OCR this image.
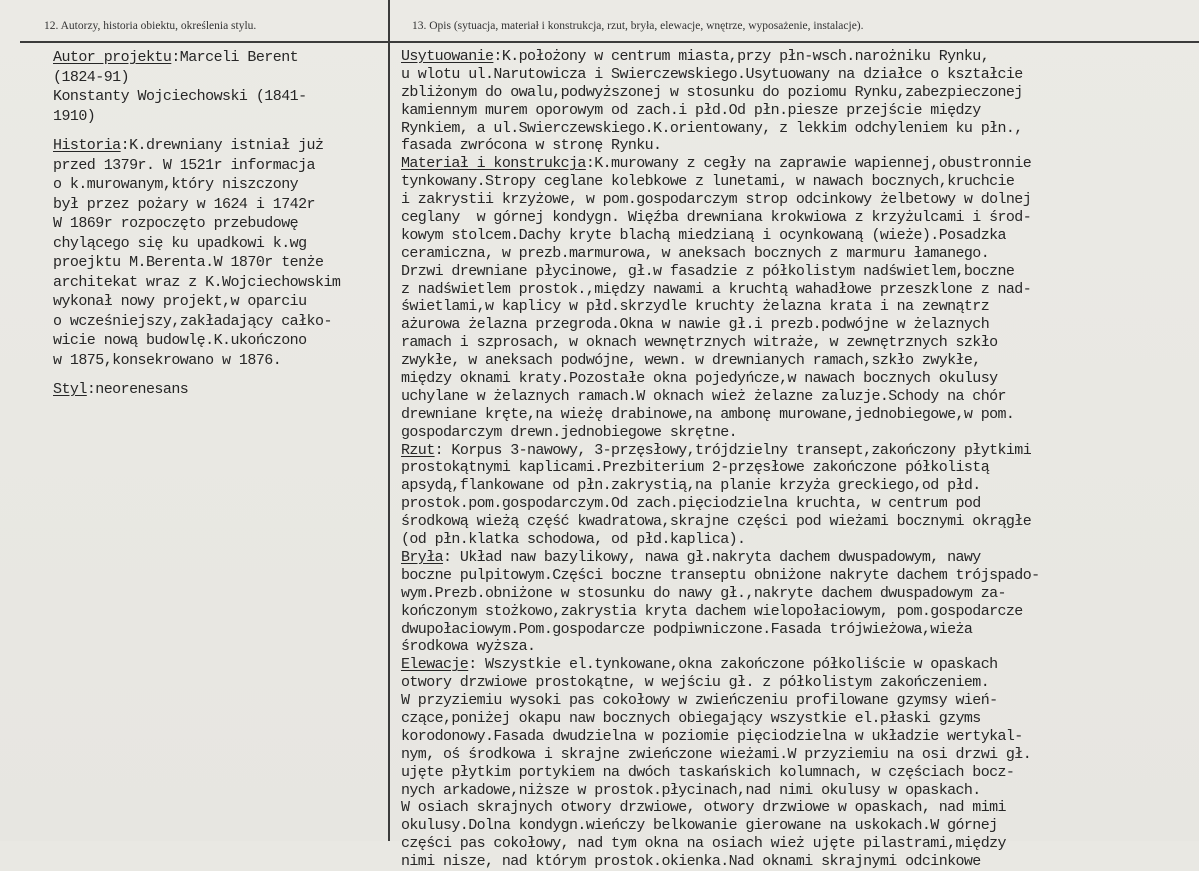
12. Autorzy, historia obiektu, określenia stylu.	13. Opis (sytuacja, materiał i konstrukcja, rzut, bryła, elewacje, wnętrze, wyposażenie, instalacje).
Autor projektu:Marceli Berent
(1824-91)
Konstanty Wojciechowski (1841-
1910)
Historia:K.drewniany istniał już
przed 1379r. W 1521r informacja
o k.murowanym,który niszczony
był przez pożary w 1624 i 1742r
W 1869r rozpoczęto przebudowę
chylącego się ku upadkowi k.wg
proejktu M.Berenta.W 1870r tenże
architekat wraz z K.Wojciechowskim
wykonał nowy projekt,w oparciu
o wcześniejszy,zakładający całko-
wicie nową budowlę.K.ukończono
w 1875,konsekrowano w 1876.
Styl:neorenesans
Usytuowanie:K.położony w centrum miasta,przy płn-wsch.narożniku Rynku,
u wlotu ul.Narutowicza i Swierczewskiego.Usytuowany na działce o kształcie
zbliżonym do owalu,podwyższonej w stosunku do poziomu Rynku,zabezpieczonej
kamiennym murem oporowym od zach.i płd.Od płn.piesze przejście między
Rynkiem, a ul.Swierczewskiego.K.orientowany, z lekkim odchyleniem ku płn.,
fasada zwrócona w stronę Rynku.
Materiał i konstrukcja:K.murowany z cegły na zaprawie wapiennej,obustronnie
tynkowany.Stropy ceglane kolebkowe z lunetami, w nawach bocznych,kruchcie
i zakrystii krzyżowe, w pom.gospodarczym strop odcinkowy żelbetowy w dolnej
ceglany  w górnej kondygn. Więźba drewniana krokwiowa z krzyżulcami i środ-
kowym stolcem.Dachy kryte blachą miedzianą i ocynkowaną (wieże).Posadzka
ceramiczna, w prezb.marmurowa, w aneksach bocznych z marmuru łamanego.
Drzwi drewniane płycinowe, gł.w fasadzie z półkolistym nadświetlem,boczne
z nadświetlem prostok.,między nawami a kruchtą wahadłowe przeszklone z nad-
świetlami,w kaplicy w płd.skrzydle kruchty żelazna krata i na zewnątrz
ażurowa żelazna przegroda.Okna w nawie gł.i prezb.podwójne w żelaznych
ramach i szprosach, w oknach wewnętrznych witraże, w zewnętrznych szkło
zwykłe, w aneksach podwójne, wewn. w drewnianych ramach,szkło zwykłe,
między oknami kraty.Pozostałe okna pojedyńcze,w nawach bocznych okulusy
uchylane w żelaznych ramach.W oknach wież żelazne zaluzje.Schody na chór
drewniane kręte,na wieżę drabinowe,na ambonę murowane,jednobiegowe,w pom.
gospodarczym drewn.jednobiegowe skrętne.
Rzut: Korpus 3-nawowy, 3-przęsłowy,trójdzielny transept,zakończony płytkimi
prostokątnymi kaplicami.Prezbiterium 2-przęsłowe zakończone półkolistą
apsydą,flankowane od płn.zakrystią,na planie krzyża greckiego,od płd.
prostok.pom.gospodarczym.Od zach.pięciodzielna kruchta, w centrum pod
środkową wieżą część kwadratowa,skrajne części pod wieżami bocznymi okrągłe
(od płn.klatka schodowa, od płd.kaplica).
Bryła: Układ naw bazylikowy, nawa gł.nakryta dachem dwuspadowym, nawy
boczne pulpitowym.Części boczne transeptu obniżone nakryte dachem trójspado-
wym.Prezb.obniżone w stosunku do nawy gł.,nakryte dachem dwuspadowym za-
kończonym stożkowo,zakrystia kryta dachem wielopołaciowym, pom.gospodarcze
dwupołaciowym.Pom.gospodarcze podpiwniczone.Fasada trójwieżowa,wieża
środkowa wyższa.
Elewacje: Wszystkie el.tynkowane,okna zakończone półkoliście w opaskach
otwory drzwiowe prostokątne, w wejściu gł. z półkolistym zakończeniem.
W przyziemiu wysoki pas cokołowy w zwieńczeniu profilowane gzymsy wień-
czące,poniżej okapu naw bocznych obiegający wszystkie el.płaski gzyms
korodonowy.Fasada dwudzielna w poziomie pięciodzielna w układzie wertykal-
nym, oś środkowa i skrajne zwieńczone wieżami.W przyziemiu na osi drzwi gł.
ujęte płytkim portykiem na dwóch taskańskich kolumnach, w częściach bocz-
nych arkadowe,niższe w prostok.płycinach,nad nimi okulusy w opaskach.
W osiach skrajnych otwory drzwiowe, otwory drzwiowe w opaskach, nad mimi
okulusy.Dolna kondygn.wieńczy belkowanie gierowane na uskokach.W górnej
części pas cokołowy, nad tym okna na osiach wież ujęte pilastrami,między
nimi nisze, nad którym prostok.okienka.Nad oknami skrajnymi odcinkowe
